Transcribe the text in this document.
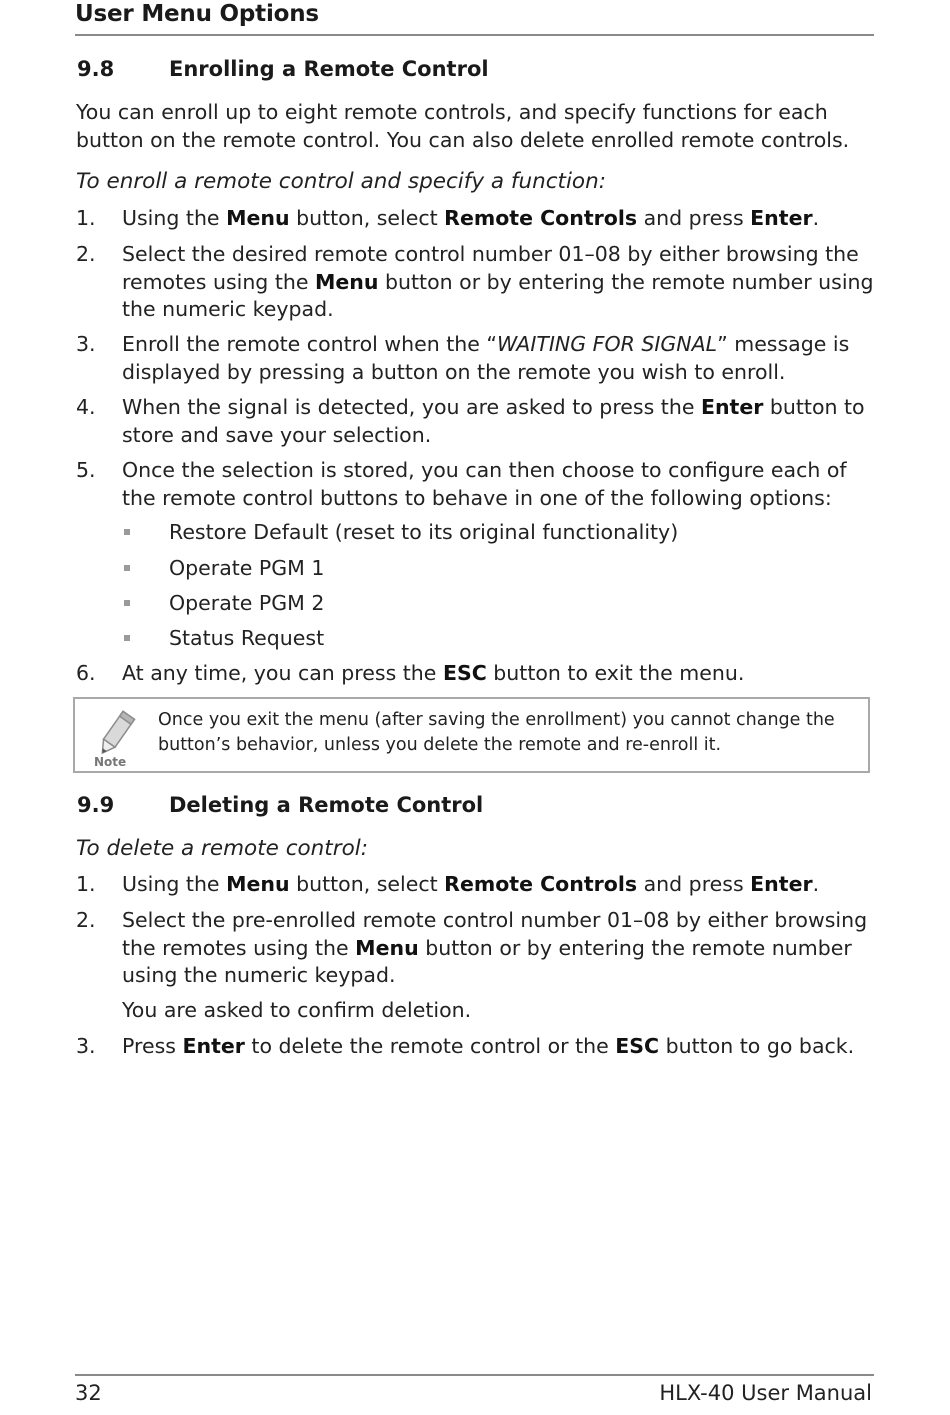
User Menu Options
9.8	Enrolling a Remote Control
You can enroll up to eight remote controls, and specify functions for each button on the remote control. You can also delete enrolled remote controls.
To enroll a remote control and specify a function:
1. Using the Menu button, select Remote Controls and press Enter.
2. Select the desired remote control number 01–08 by either browsing the remotes using the Menu button or by entering the remote number using the numeric keypad.
3. Enroll the remote control when the “WAITING FOR SIGNAL” message is displayed by pressing a button on the remote you wish to enroll.
4. When the signal is detected, you are asked to press the Enter button to store and save your selection.
5. Once the selection is stored, you can then choose to configure each of the remote control buttons to behave in one of the following options:
Restore Default (reset to its original functionality)
Operate PGM 1
Operate PGM 2
Status Request
6. At any time, you can press the ESC button to exit the menu.
Note
Once you exit the menu (after saving the enrollment) you cannot change the button’s behavior, unless you delete the remote and re-enroll it.
9.9	Deleting a Remote Control
To delete a remote control:
1. Using the Menu button, select Remote Controls and press Enter.
2. Select the pre-enrolled remote control number 01–08 by either browsing the remotes using the Menu button or by entering the remote number using the numeric keypad.
You are asked to confirm deletion.
3. Press Enter to delete the remote control or the ESC button to go back.
32	HLX-40 User Manual
